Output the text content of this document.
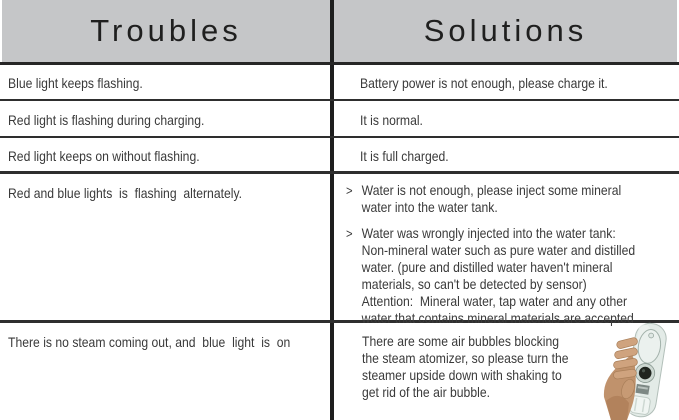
Troubles	Solutions
Blue light keeps flashing.	Battery power is not enough, please charge it.
Red light is flashing during charging.	It is normal.
Red light keeps on without flashing.	It is full charged.
Red and blue lights  is  flashing  alternately.	> Water is not enough, please inject some mineral
water into the water tank.
> Water was wrongly injected into the water tank:
Non-mineral water such as pure water and distilled
water. (pure and distilled water haven't mineral
materials, so can't be detected by sensor)
Attention:  Mineral water, tap water and any other
water that contains mineral materials are accepted
There is no steam coming out, and  blue  light  is  on	There are some air bubbles blocking
the steam atomizer, so please turn the
steamer upside down with shaking to
get rid of the air bubble.
